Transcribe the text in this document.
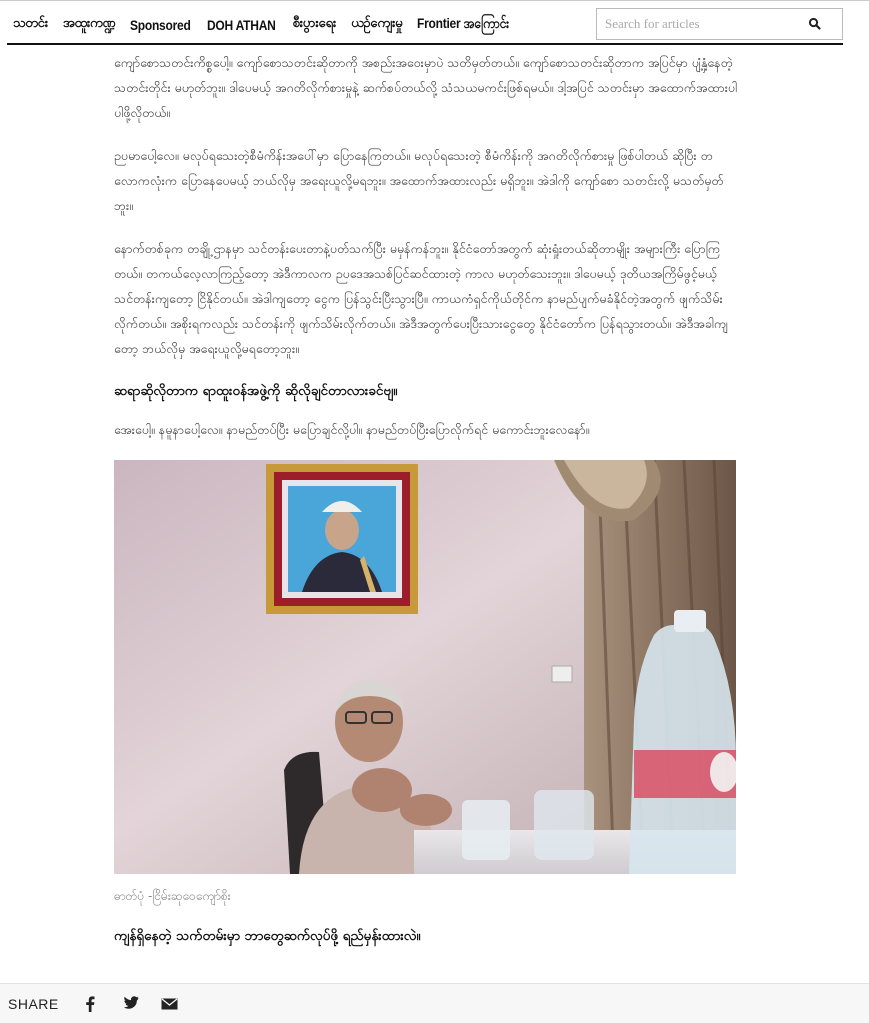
သတင်း အထူးကဏ္ဍ Sponsored DOH ATHAN စီးပွားရေး ယဉ်ကျေးမှု Frontier အကြောင်း
Search for articles

ကျော်စောသတင်းကိစ္စပေါ့။ ကျော်စောသတင်းဆိုတာကို အစည်းအဝေးမှာပဲ သတိမှတ်တယ်။ ကျော်စောသတင်းဆိုတာက အပြင်မှာ ပျံ့နှံ့နေတဲ့သတင်းတိုင်း မဟုတ်ဘူး။ ဒါပေမယ့် အဂတိလိုက်စားမှုနဲ့ ဆက်စပ်တယ်လို့ သံသယမကင်းဖြစ်ရမယ်။ ဒါ့အပြင် သတင်းမှာ အထောက်အထားပါ ပါဖို့လိုတယ်။

ဉပမာပေါ့လေ။ မလုပ်ရသေးတဲ့စီမံကိန်းအပေါ်မှာ ပြောနေကြတယ်။ မလုပ်ရသေးတဲ့ စီမံကိန်းကို အဂတိလိုက်စားမှု ဖြစ်ပါတယ် ဆိုပြီး တလောကလုံးက ပြောနေပေမယ့် ဘယ်လိုမှ အရေးယူလို့မရဘူး။ အထောက်အထားလည်း မရှိဘူး။ အဲဒါကို ကျော်စော သတင်းလို့ မသတ်မှတ်ဘူး။

နောက်တစ်ခုက တချို့ဌာနမှာ သင်တန်းပေးတာနဲ့ပတ်သက်ပြီး မမှန်ကန်ဘူး။ နိုင်ငံတော်အတွက် ဆုံးရှုံးတယ်ဆိုတာမျိုး အများကြီး ပြောကြတယ်။ တကယ်လေ့လာကြည့်တော့ အဲဒီကာလက ဉပဒေအသစ်ပြင်ဆင်ထားတဲ့ ကာလ မဟုတ်သေးဘူး။ ဒါပေမယ့် ဒုတိယအကြိမ်ဖွင့်မယ့် သင်တန်းကျတော့ ငြိနိုင်တယ်။ အဲဒါကျတော့ ငွေက ပြန်သွင်းပြီးသွားပြီ။ ကာယကံရှင်ကိုယ်တိုင်က နာမည်ပျက်မခံနိုင်တဲ့အတွက် ဖျက်သိမ်းလိုက်တယ်။ အစိုးရကလည်း သင်တန်းကို ဖျက်သိမ်းလိုက်တယ်။ အဲဒီအတွက်ပေးပြီးသားငွေတွေ နိုင်ငံတော်က ပြန်ရသွားတယ်။ အဲဒီအခါကျတော့ ဘယ်လိုမှ အရေးယူလို့မရတော့ဘူး။

ဆရာဆိုလိုတာက ရာထူးဝန်အဖွဲ့ကို ဆိုလိုချင်တာလားခင်ဗျ။

အေးပေါ့။ နမူနာပေါ့လေ။ နာမည်တပ်ပြီး မပြောချင်လို့ပါ။ နာမည်တပ်ပြီးပြောလိုက်ရင် မကောင်းဘူးလေနော်။

ဓာတ်ပုံ -ငြိမ်းဆုဝေကျော်စိုး

ကျန်ရှိနေတဲ့ သက်တမ်းမှာ ဘာတွေဆက်လုပ်ဖို့ ရည်မှန်းထားလဲ။

SHARE
